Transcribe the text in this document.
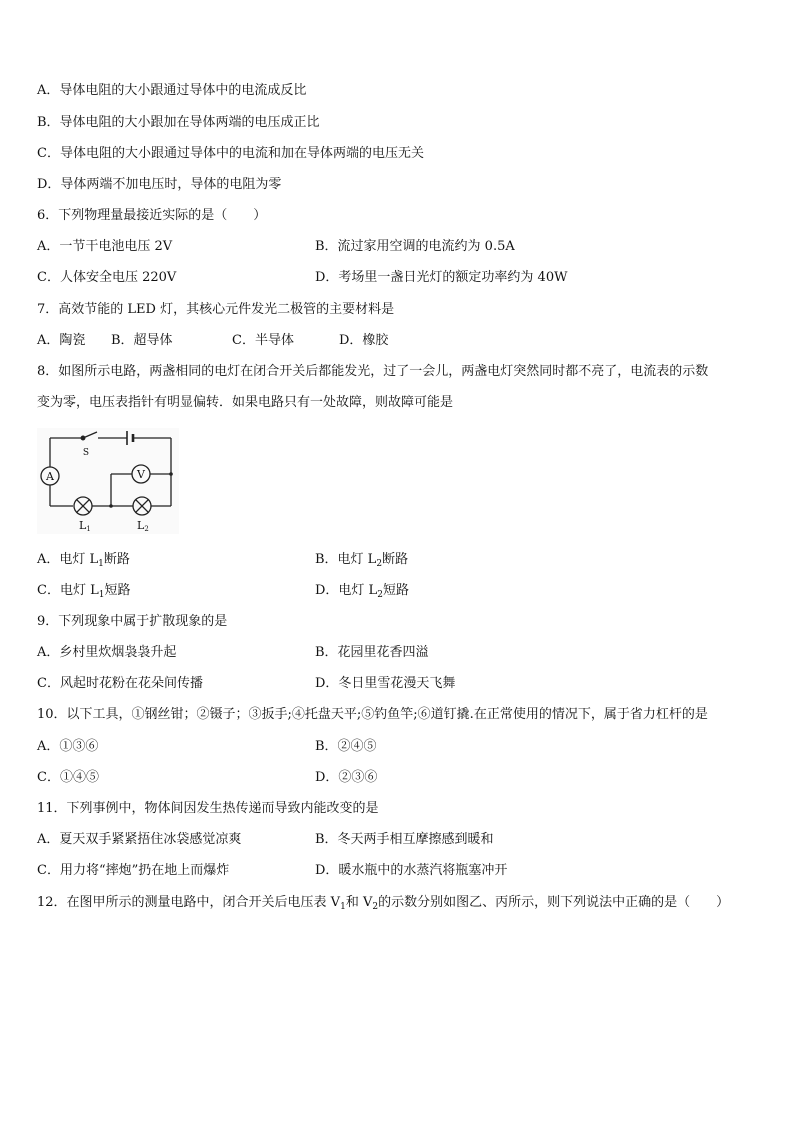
A．导体电阻的大小跟通过导体中的电流成反比
B．导体电阻的大小跟加在导体两端的电压成正比
C．导体电阻的大小跟通过导体中的电流和加在导体两端的电压无关
D．导体两端不加电压时，导体的电阻为零
6．下列物理量最接近实际的是（　　）
A．一节干电池电压 2V	B．流过家用空调的电流约为 0.5A
C．人体安全电压 220V	D．考场里一盏日光灯的额定功率约为 40W
7．高效节能的 LED 灯，其核心元件发光二极管的主要材料是
A．陶瓷 B．超导体	C．半导体	D．橡胶
8．如图所示电路，两盏相同的电灯在闭合开关后都能发光，过了一会儿，两盏电灯突然同时都不亮了，电流表的示数
变为零，电压表指针有明显偏转．如果电路只有一处故障，则故障可能是
A	V
S
L1	L2
A．电灯 $L_1$断路	B．电灯 $L_2$断路
C．电灯 $L_1$短路	D．电灯 $L_2$短路
9．下列现象中属于扩散现象的是
A．乡村里炊烟袅袅升起	B．花园里花香四溢
C．风起时花粉在花朵间传播	D．冬日里雪花漫天飞舞
10．以下工具，①钢丝钳；②镊子；③扳手;④托盘天平;⑤钓鱼竿;⑥道钉撬.在正常使用的情况下，属于省力杠杆的是
A．①③⑥	B．②④⑤
C．①④⑤	D．②③⑥
11．下列事例中，物体间因发生热传递而导致内能改变的是
A．夏天双手紧紧捂住冰袋感觉凉爽	B．冬天两手相互摩擦感到暖和
C．用力将“摔炮”扔在地上而爆炸	D．暖水瓶中的水蒸汽将瓶塞冲开
12．在图甲所示的测量电路中，闭合开关后电压表 $V_1$和 $V_2$的示数分别如图乙、丙所示，则下列说法中正确的是（　　）
